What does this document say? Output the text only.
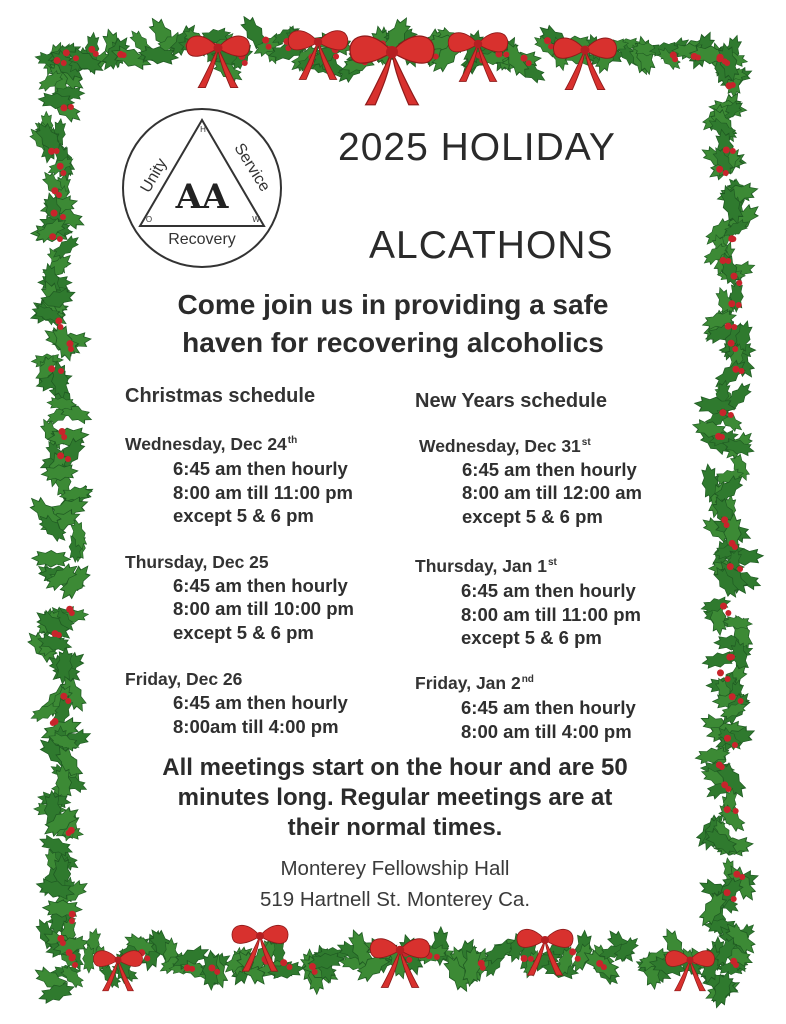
AA
H
O	W
Unity	Service
Recovery
2025 HOLIDAY
ALCATHONS
Come join us in providing a safe
haven for recovering alcoholics
Christmas schedule
Wednesday, Dec 24th
6:45 am then hourly
8:00 am till 11:00 pm
except 5 & 6 pm
Thursday, Dec 25
6:45 am then hourly
8:00 am till 10:00 pm
except 5 & 6 pm
Friday, Dec 26
6:45 am then hourly
8:00am till 4:00 pm
New Years schedule
Wednesday, Dec 31st
6:45 am then hourly
8:00 am till 12:00 am
except 5 & 6 pm
Thursday, Jan 1st
6:45 am then hourly
8:00 am till 11:00 pm
except 5 & 6 pm
Friday, Jan 2nd
6:45 am then hourly
8:00 am till 4:00 pm
All meetings start on the hour and are 50
minutes long. Regular meetings are at
their normal times.
Monterey Fellowship Hall
519 Hartnell St. Monterey Ca.
